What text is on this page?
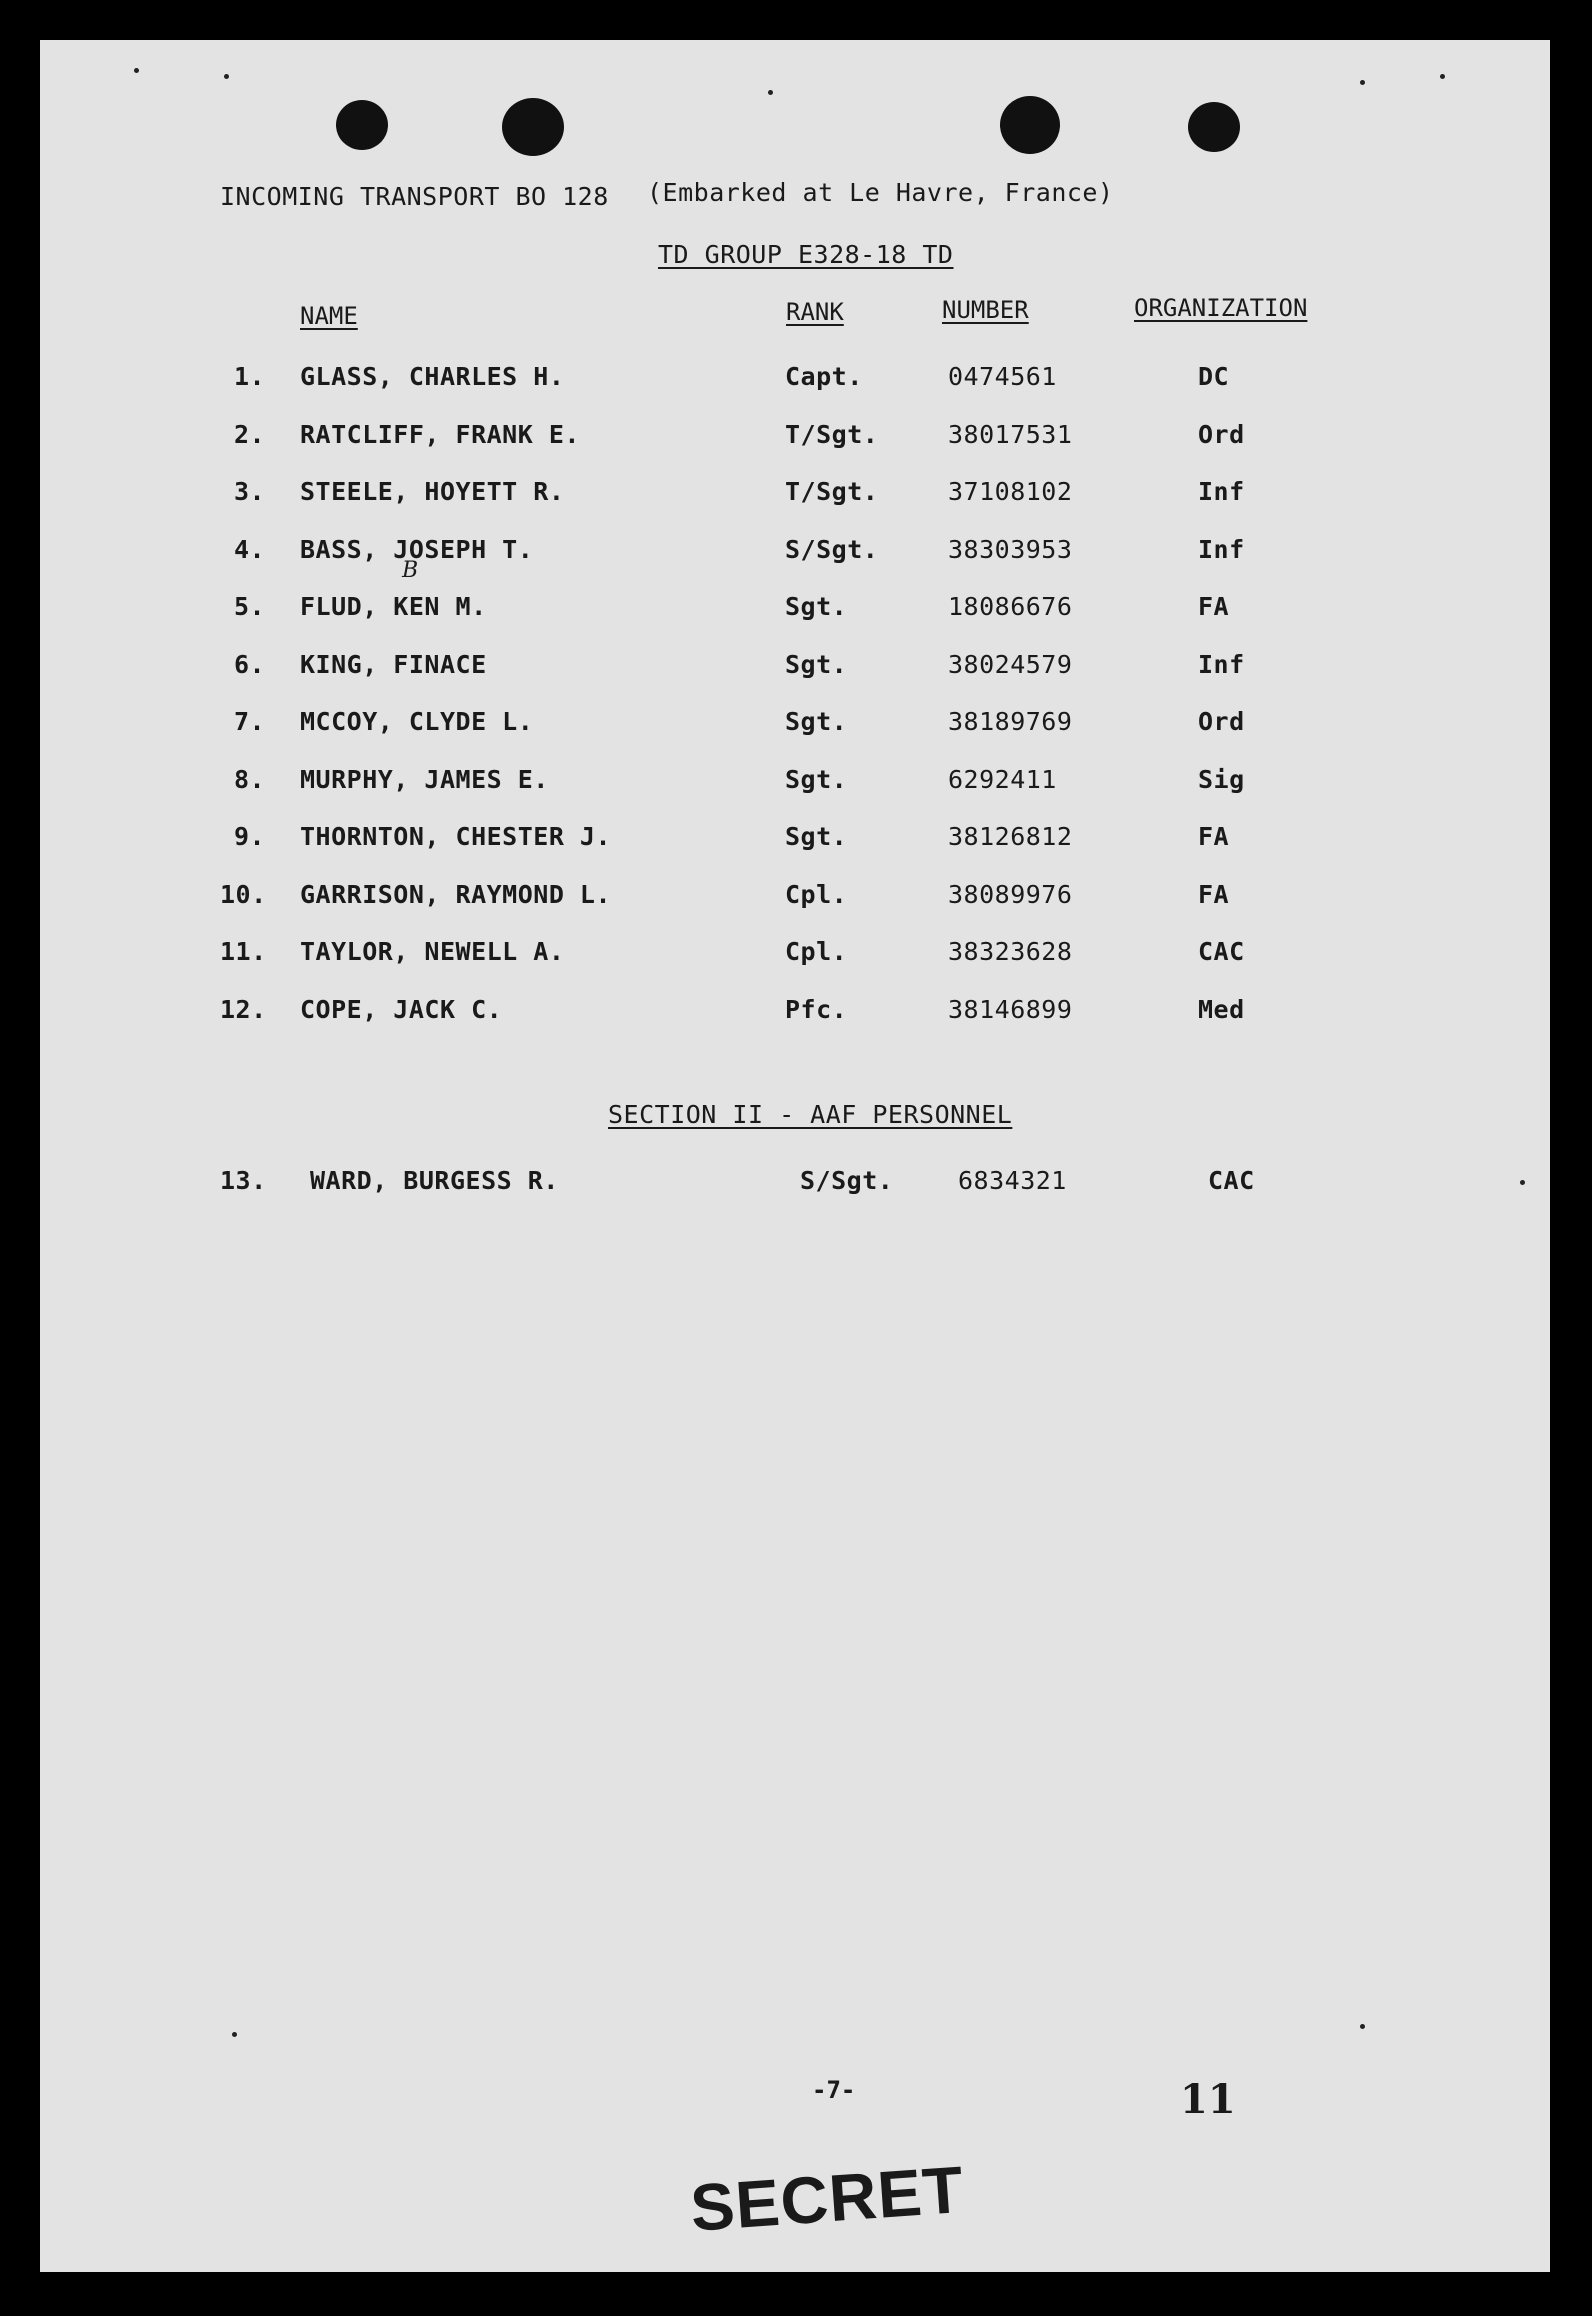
INCOMING TRANSPORT BO 128 (Embarked at Le Havre, France)
TD GROUP E328-18 TD
NAME	RANK	NUMBER	ORGANIZATION
1. GLASS, CHARLES H.	Capt.	0474561	DC
2. RATCLIFF, FRANK E.	T/Sgt.	38017531	Ord
3. STEELE, HOYETT R.	T/Sgt.	37108102	Inf
4. BASS, JOSEPH T.	S/Sgt.	38303953	Inf
5. FLUD, KEN M.	Sgt.	18086676	FA
6. KING, FINACE	Sgt.	38024579	Inf
7. MCCOY, CLYDE L.	Sgt.	38189769	Ord
8. MURPHY, JAMES E.	Sgt.	6292411	Sig
9. THORNTON, CHESTER J.	Sgt.	38126812	FA
10. GARRISON, RAYMOND L.	Cpl.	38089976	FA
11. TAYLOR, NEWELL A.	Cpl.	38323628	CAC
12. COPE, JACK C.	Pfc.	38146899	Med
B
SECTION II - AAF PERSONNEL
13. WARD, BURGESS R.	S/Sgt.	6834321	CAC
-7-	11
SECRET
